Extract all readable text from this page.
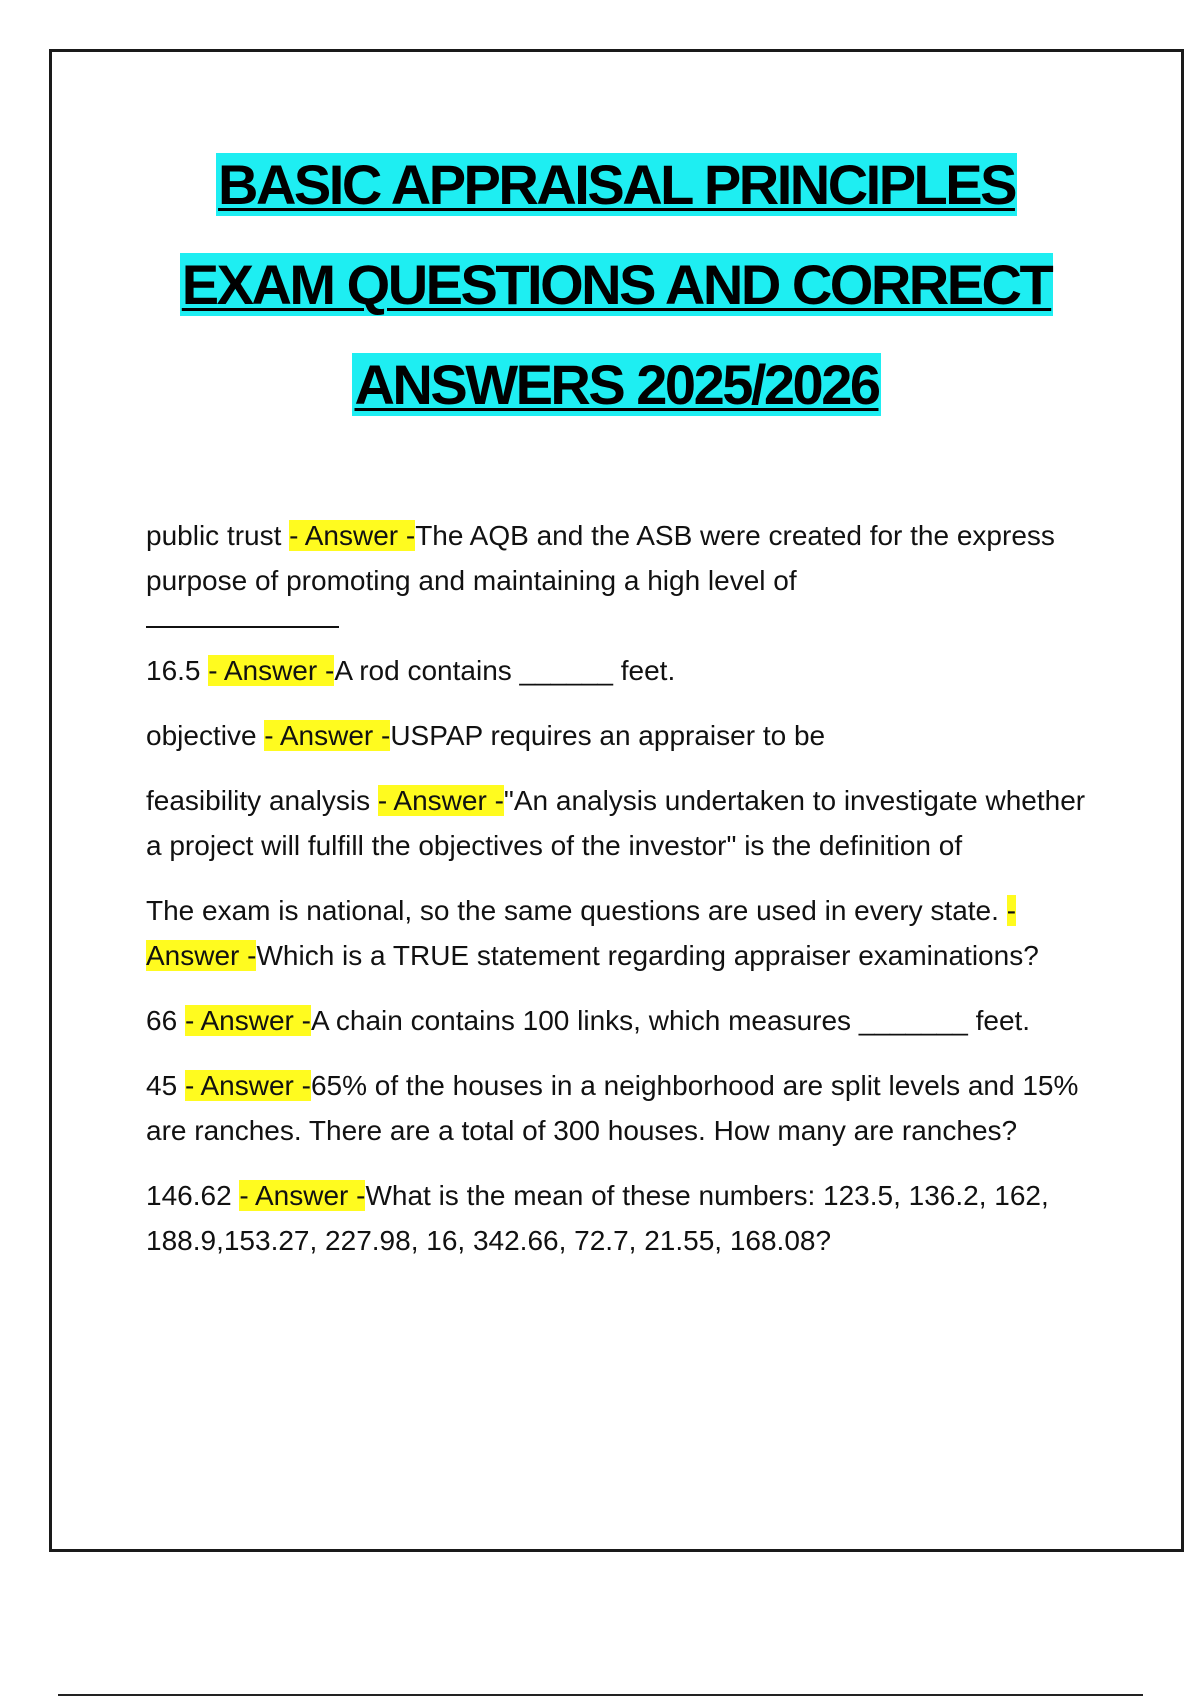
BASIC APPRAISAL PRINCIPLES
EXAM QUESTIONS AND CORRECT
ANSWERS 2025/2026
public trust - Answer -The AQB and the ASB were created for the express purpose of promoting and maintaining a high level of
16.5 - Answer -A rod contains ______ feet.
objective - Answer -USPAP requires an appraiser to be
feasibility analysis - Answer -"An analysis undertaken to investigate whether a project will fulfill the objectives of the investor" is the definition of
The exam is national, so the same questions are used in every state. - Answer -Which is a TRUE statement regarding appraiser examinations?
66 - Answer -A chain contains 100 links, which measures _______ feet.
45 - Answer -65% of the houses in a neighborhood are split levels and 15% are ranches. There are a total of 300 houses. How many are ranches?
146.62 - Answer -What is the mean of these numbers: 123.5, 136.2, 162, 188.9,153.27, 227.98, 16, 342.66, 72.7, 21.55, 168.08?
